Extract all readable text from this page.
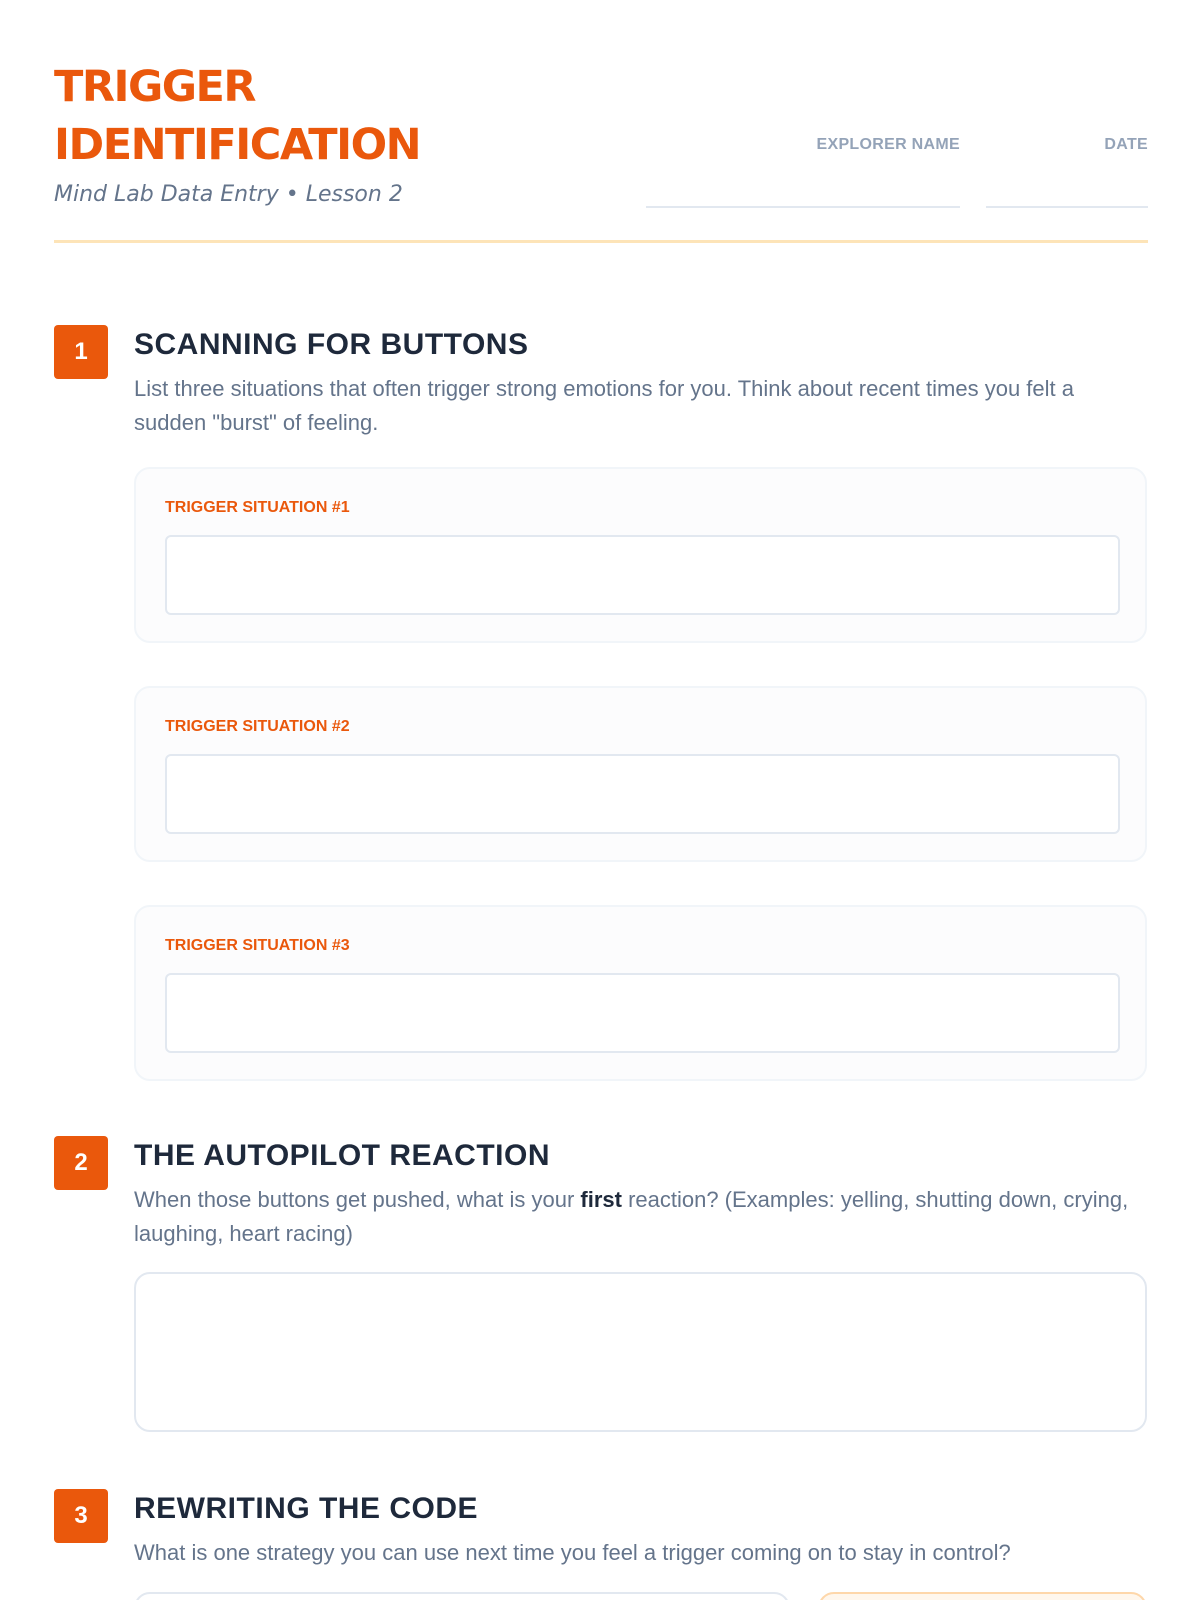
TRIGGER
IDENTIFICATION
Mind Lab Data Entry • Lesson 2
EXPLORER NAME	DATE
1	SCANNING FOR BUTTONS
List three situations that often trigger strong emotions for you. Think about recent times you felt a sudden "burst" of feeling.
TRIGGER SITUATION #1
TRIGGER SITUATION #2
TRIGGER SITUATION #3
2	THE AUTOPILOT REACTION
When those buttons get pushed, what is your first reaction? (Examples: yelling, shutting down, crying, laughing, heart racing)
3	REWRITING THE CODE
What is one strategy you can use next time you feel a trigger coming on to stay in control?
